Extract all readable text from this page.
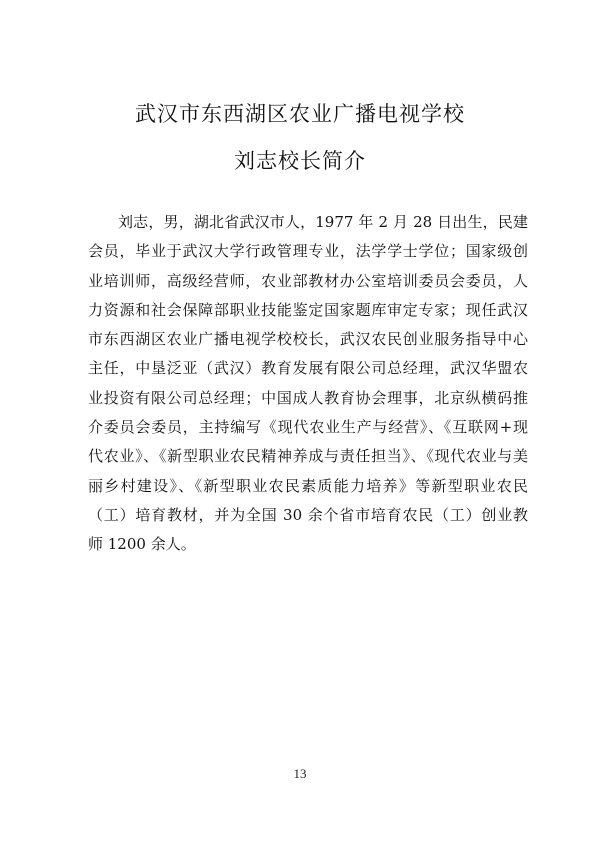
武汉市东西湖区农业广播电视学校
刘志校长简介
刘志，男，湖北省武汉市人，1977 年 2 月 28 日出生，民建
会员，毕业于武汉大学行政管理专业，法学学士学位；国家级创
业培训师，高级经营师，农业部教材办公室培训委员会委员，人
力资源和社会保障部职业技能鉴定国家题库审定专家；现任武汉
市东西湖区农业广播电视学校校长，武汉农民创业服务指导中心
主任，中垦泛亚（武汉）教育发展有限公司总经理，武汉华盟农
业投资有限公司总经理；中国成人教育协会理事，北京纵横码推
介委员会委员，主持编写《现代农业生产与经营》、《互联网+现
代农业》、《新型职业农民精神养成与责任担当》、《现代农业与美
丽乡村建设》、《新型职业农民素质能力培养》等新型职业农民
（工）培育教材，并为全国 30 余个省市培育农民（工）创业教
师 1200 余人。
13
